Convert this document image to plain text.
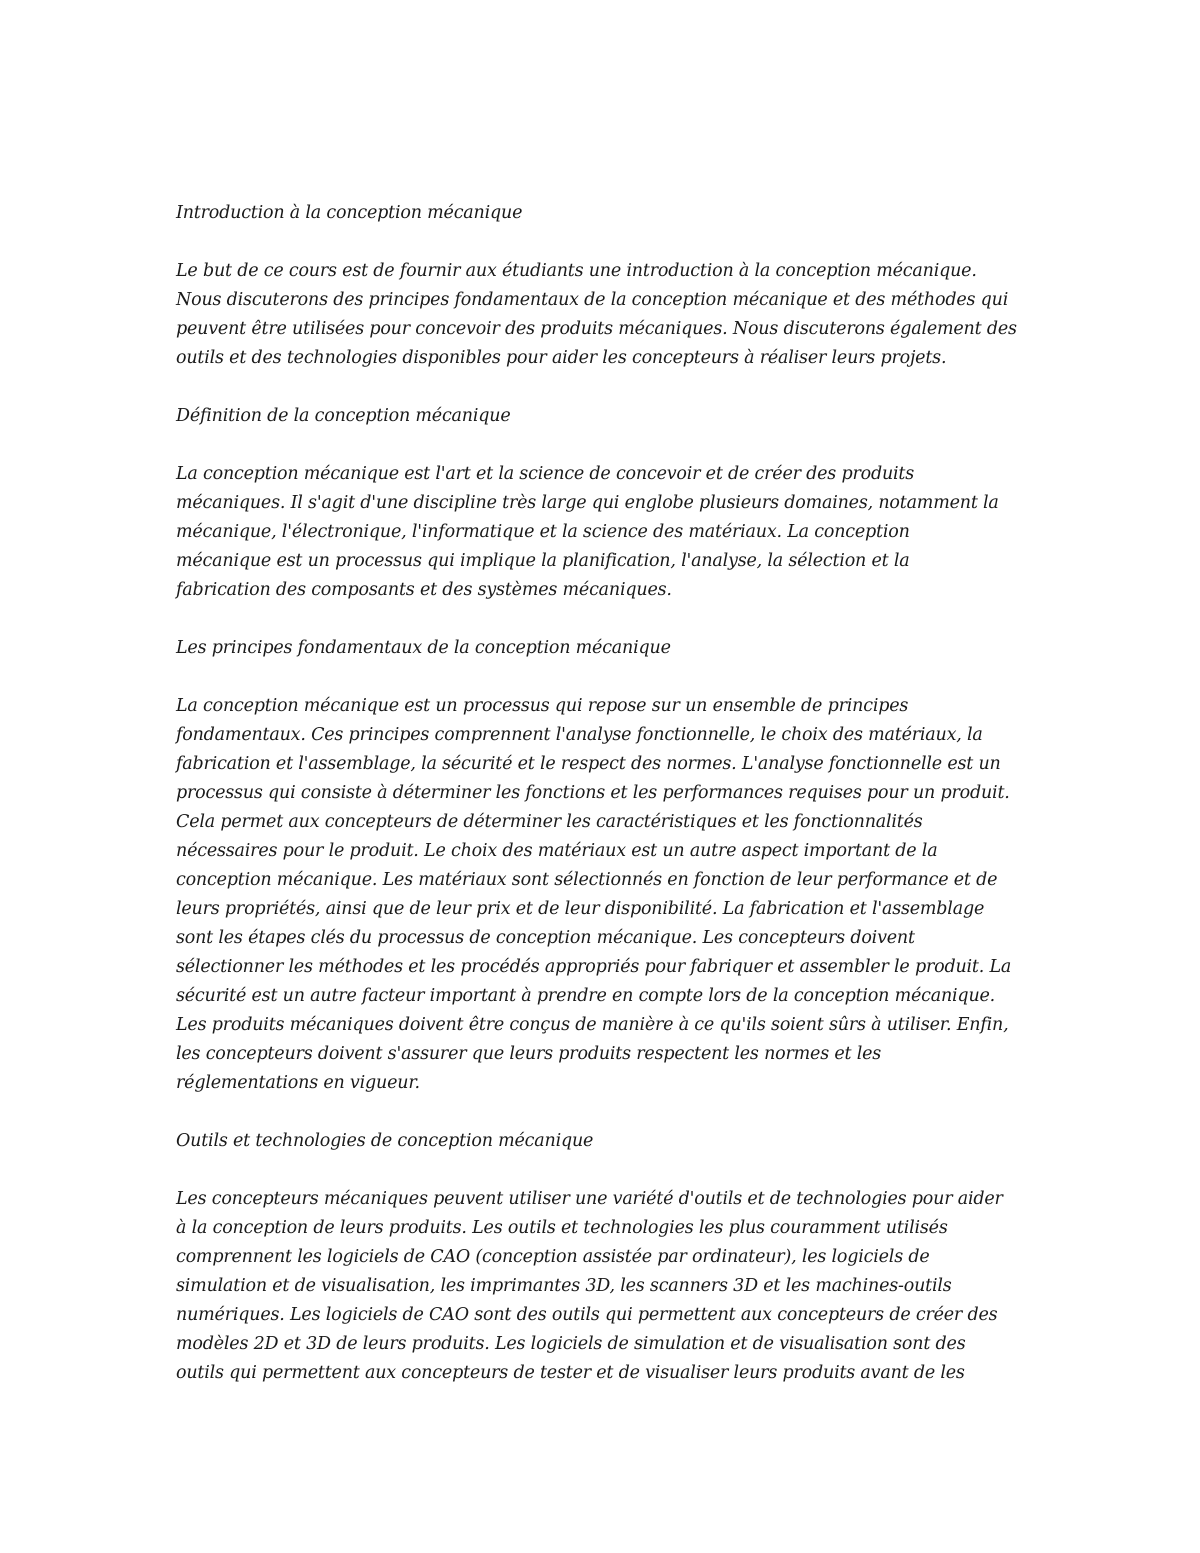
Introduction à la conception mécanique

Le but de ce cours est de fournir aux étudiants une introduction à la conception mécanique.
Nous discuterons des principes fondamentaux de la conception mécanique et des méthodes qui
peuvent être utilisées pour concevoir des produits mécaniques. Nous discuterons également des
outils et des technologies disponibles pour aider les concepteurs à réaliser leurs projets.

Définition de la conception mécanique

La conception mécanique est l'art et la science de concevoir et de créer des produits
mécaniques. Il s'agit d'une discipline très large qui englobe plusieurs domaines, notamment la
mécanique, l'électronique, l'informatique et la science des matériaux. La conception
mécanique est un processus qui implique la planification, l'analyse, la sélection et la
fabrication des composants et des systèmes mécaniques.

Les principes fondamentaux de la conception mécanique

La conception mécanique est un processus qui repose sur un ensemble de principes
fondamentaux. Ces principes comprennent l'analyse fonctionnelle, le choix des matériaux, la
fabrication et l'assemblage, la sécurité et le respect des normes. L'analyse fonctionnelle est un
processus qui consiste à déterminer les fonctions et les performances requises pour un produit.
Cela permet aux concepteurs de déterminer les caractéristiques et les fonctionnalités
nécessaires pour le produit. Le choix des matériaux est un autre aspect important de la
conception mécanique. Les matériaux sont sélectionnés en fonction de leur performance et de
leurs propriétés, ainsi que de leur prix et de leur disponibilité. La fabrication et l'assemblage
sont les étapes clés du processus de conception mécanique. Les concepteurs doivent
sélectionner les méthodes et les procédés appropriés pour fabriquer et assembler le produit. La
sécurité est un autre facteur important à prendre en compte lors de la conception mécanique.
Les produits mécaniques doivent être conçus de manière à ce qu'ils soient sûrs à utiliser. Enfin,
les concepteurs doivent s'assurer que leurs produits respectent les normes et les
réglementations en vigueur.

Outils et technologies de conception mécanique

Les concepteurs mécaniques peuvent utiliser une variété d'outils et de technologies pour aider
à la conception de leurs produits. Les outils et technologies les plus couramment utilisés
comprennent les logiciels de CAO (conception assistée par ordinateur), les logiciels de
simulation et de visualisation, les imprimantes 3D, les scanners 3D et les machines-outils
numériques. Les logiciels de CAO sont des outils qui permettent aux concepteurs de créer des
modèles 2D et 3D de leurs produits. Les logiciels de simulation et de visualisation sont des
outils qui permettent aux concepteurs de tester et de visualiser leurs produits avant de les
